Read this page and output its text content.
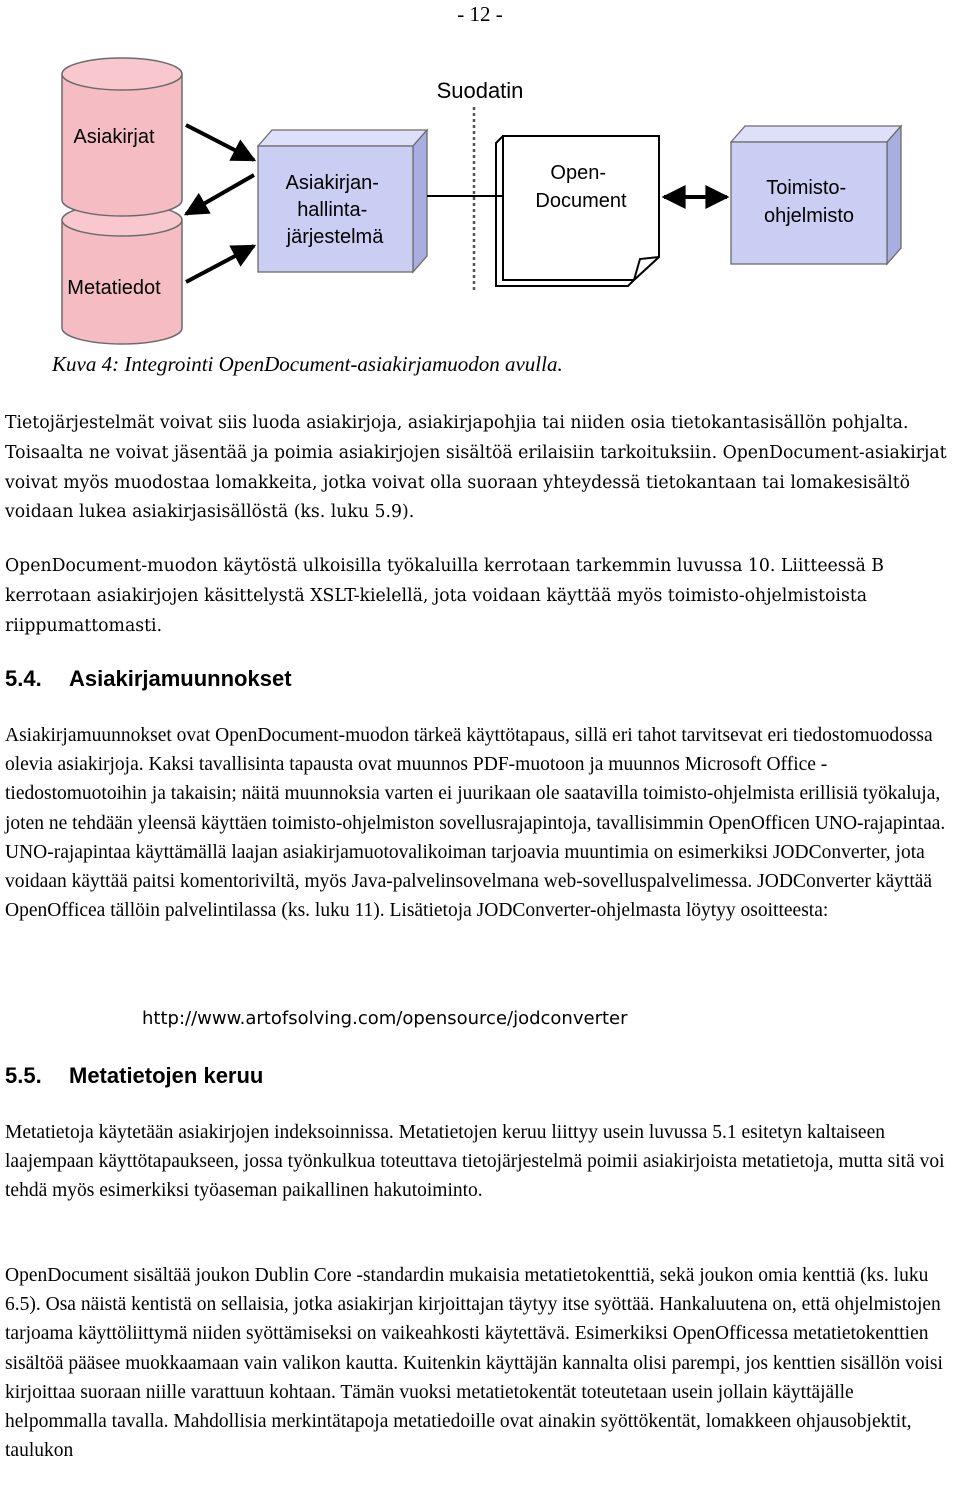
- 12 -
Asiakirjat
Metatiedot
Asiakirjan- hallinta- järjestelmä
Suodatin
Open- Document
Toimisto- ohjelmisto
Kuva 4: Integrointi OpenDocument-asiakirjamuodon avulla.

Tietojärjestelmät voivat siis luoda asiakirjoja, asiakirjapohjia tai niiden osia tietokantasisällön pohjalta. Toisaalta ne voivat jäsentää ja poimia asiakirjojen sisältöä erilaisiin tarkoituksiin. OpenDocument-asiakirjat voivat myös muodostaa lomakkeita, jotka voivat olla suoraan yhteydessä tietokantaan tai lomakesisältö voidaan lukea asiakirjasisällöstä (ks. luku 5.9).

OpenDocument-muodon käytöstä ulkoisilla työkaluilla kerrotaan tarkemmin luvussa 10. Liitteessä B kerrotaan asiakirjojen käsittelystä XSLT-kielellä, jota voidaan käyttää myös toimisto-ohjelmistoista riippumattomasti.

5.4. Asiakirjamuunnokset

Asiakirjamuunnokset ovat OpenDocument-muodon tärkeä käyttötapaus, sillä eri tahot tarvitsevat eri tiedostomuodossa olevia asiakirjoja. Kaksi tavallisinta tapausta ovat muunnos PDF-muotoon ja muunnos Microsoft Office -tiedostomuotoihin ja takaisin; näitä muunnoksia varten ei juurikaan ole saatavilla toimisto-ohjelmista erillisiä työkaluja, joten ne tehdään yleensä käyttäen toimisto-ohjelmiston sovellusrajapintoja, tavallisimmin OpenOfficen UNO-rajapintaa. UNO-rajapintaa käyttämällä laajan asiakirjamuotovalikoiman tarjoavia muuntimia on esimerkiksi JODConverter, jota voidaan käyttää paitsi komentoriviltä, myös Java-palvelinsovelmana web-sovelluspalvelimessa. JODConverter käyttää OpenOfficea tällöin palvelintilassa (ks. luku 11). Lisätietoja JODConverter-ohjelmasta löytyy osoitteesta:

http://www.artofsolving.com/opensource/jodconverter
5.5. Metatietojen keruu

Metatietoja käytetään asiakirjojen indeksoinnissa. Metatietojen keruu liittyy usein luvussa 5.1 esitetyn kaltaiseen laajempaan käyttötapaukseen, jossa työnkulkua toteuttava tietojärjestelmä poimii asiakirjoista metatietoja, mutta sitä voi tehdä myös esimerkiksi työaseman paikallinen hakutoiminto.

OpenDocument sisältää joukon Dublin Core -standardin mukaisia metatietokenttiä, sekä joukon omia kenttiä (ks. luku 6.5). Osa näistä kentistä on sellaisia, jotka asiakirjan kirjoittajan täytyy itse syöttää. Hankaluutena on, että ohjelmistojen tarjoama käyttöliittymä niiden syöttämiseksi on vaikeahkosti käytettävä. Esimerkiksi OpenOfficessa metatietokenttien sisältöä pääsee muokkaamaan vain valikon kautta. Kuitenkin käyttäjän kannalta olisi parempi, jos kenttien sisällön voisi kirjoittaa suoraan niille varattuun kohtaan. Tämän vuoksi metatietokentät toteutetaan usein jollain käyttäjälle helpommalla tavalla. Mahdollisia merkintätapoja metatiedoille ovat ainakin syöttökentät, lomakkeen ohjausobjektit, taulukon
